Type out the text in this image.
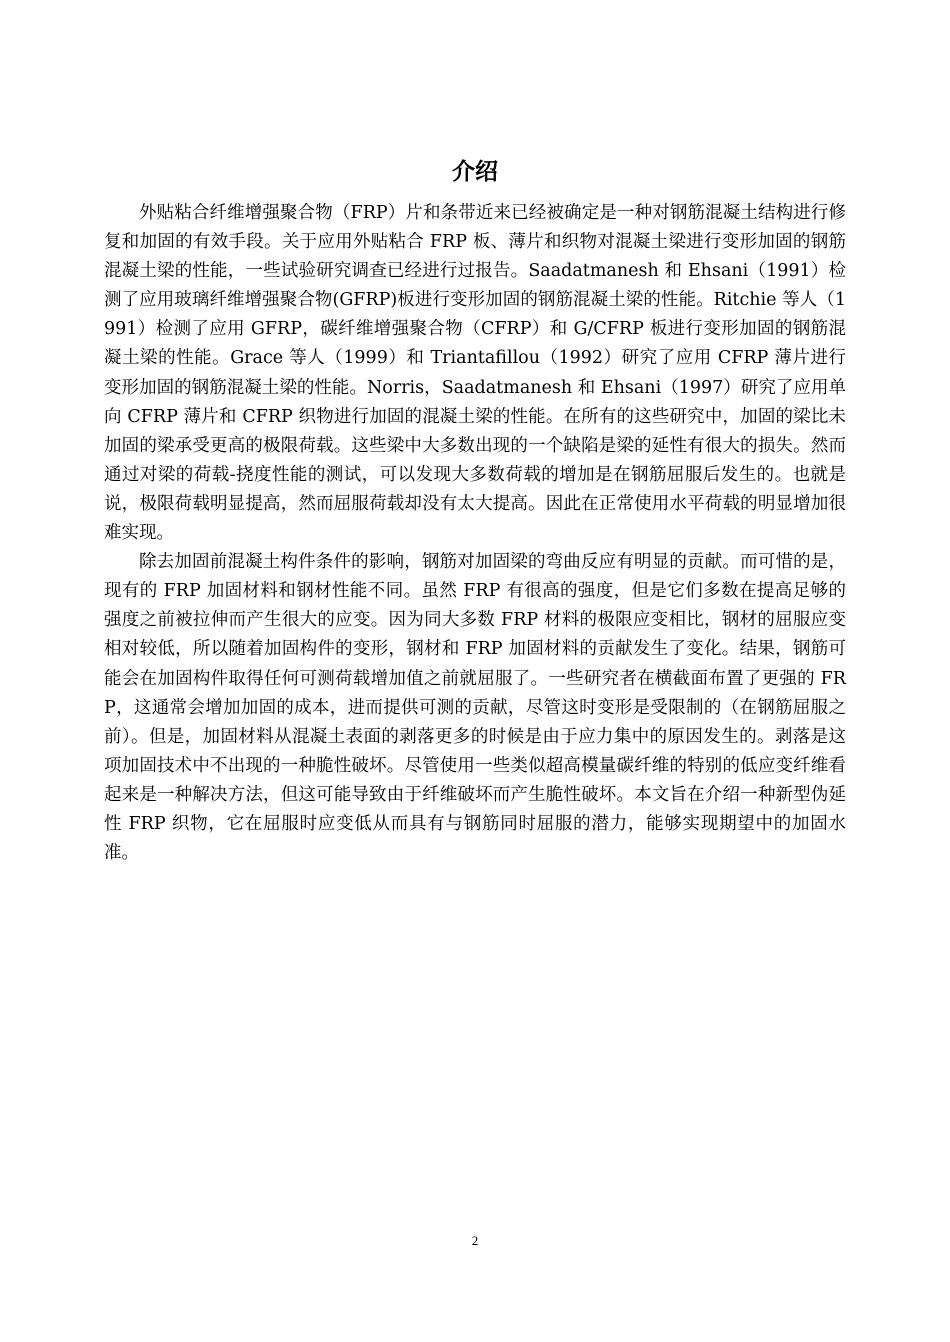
介绍

外贴粘合纤维增强聚合物（FRP）片和条带近来已经被确定是一种对钢筋混凝土结构进行修复和加固的有效手段。关于应用外贴粘合 FRP 板、薄片和织物对混凝土梁进行变形加固的钢筋混凝土梁的性能，一些试验研究调查已经进行过报告。Saadatmanesh 和 Ehsani（1991）检测了应用玻璃纤维增强聚合物(GFRP)板进行变形加固的钢筋混凝土梁的性能。Ritchie 等人（1991）检测了应用 GFRP，碳纤维增强聚合物（CFRP）和 G/CFRP 板进行变形加固的钢筋混凝土梁的性能。Grace 等人（1999）和 Triantafillou（1992）研究了应用 CFRP 薄片进行变形加固的钢筋混凝土梁的性能。Norris，Saadatmanesh 和 Ehsani（1997）研究了应用单向 CFRP 薄片和 CFRP 织物进行加固的混凝土梁的性能。在所有的这些研究中，加固的梁比未加固的梁承受更高的极限荷载。这些梁中大多数出现的一个缺陷是梁的延性有很大的损失。然而通过对梁的荷载-挠度性能的测试，可以发现大多数荷载的增加是在钢筋屈服后发生的。也就是说，极限荷载明显提高，然而屈服荷载却没有太大提高。因此在正常使用水平荷载的明显增加很难实现。

除去加固前混凝土构件条件的影响，钢筋对加固梁的弯曲反应有明显的贡献。而可惜的是，现有的 FRP 加固材料和钢材性能不同。虽然 FRP 有很高的强度，但是它们多数在提高足够的强度之前被拉伸而产生很大的应变。因为同大多数 FRP 材料的极限应变相比，钢材的屈服应变相对较低，所以随着加固构件的变形，钢材和 FRP 加固材料的贡献发生了变化。结果，钢筋可能会在加固构件取得任何可测荷载增加值之前就屈服了。一些研究者在横截面布置了更强的 FRP，这通常会增加加固的成本，进而提供可测的贡献，尽管这时变形是受限制的（在钢筋屈服之前）。但是，加固材料从混凝土表面的剥落更多的时候是由于应力集中的原因发生的。剥落是这项加固技术中不出现的一种脆性破坏。尽管使用一些类似超高模量碳纤维的特别的低应变纤维看起来是一种解决方法，但这可能导致由于纤维破坏而产生脆性破坏。本文旨在介绍一种新型伪延性 FRP 织物，它在屈服时应变低从而具有与钢筋同时屈服的潜力，能够实现期望中的加固水准。

2
